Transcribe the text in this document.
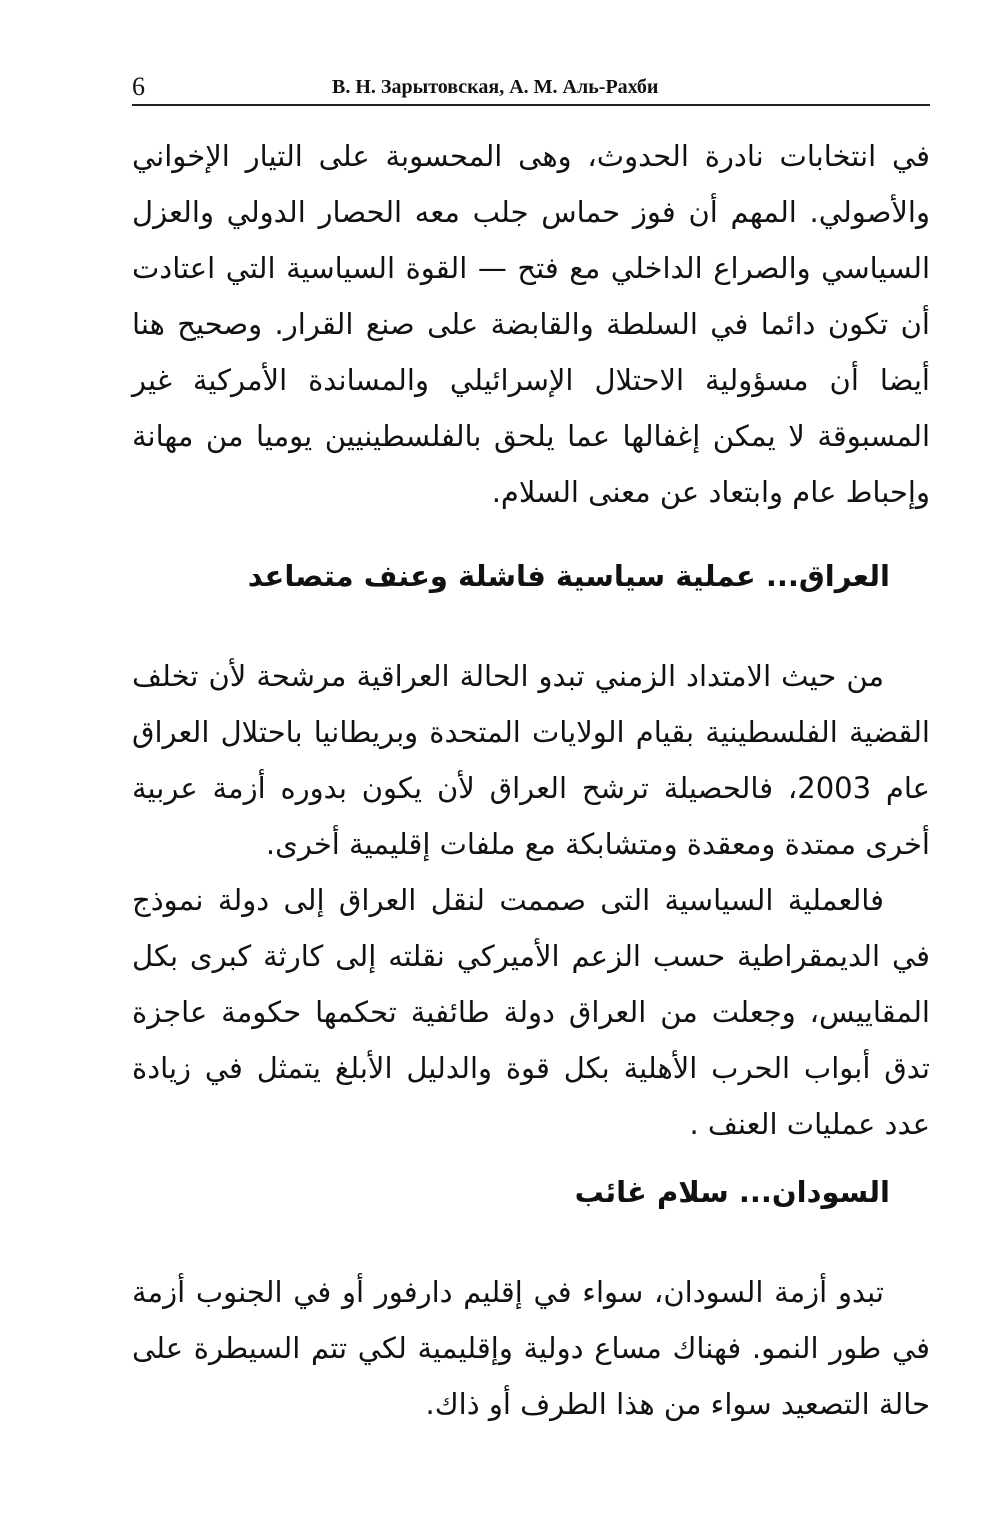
6	В. Н. Зарытовская, А. М. Аль-Рахби

في انتخابات نادرة الحدوث، وهى المحسوبة على التيار الإخواني والأصولي. المهم أن فوز حماس جلب معه الحصار الدولي والعزل السياسي والصراع الداخلي مع فتح — القوة السياسية التي اعتادت أن تكون دائما في السلطة والقابضة على صنع القرار. وصحيح هنا أيضا أن مسؤولية الاحتلال الإسرائيلي والمساندة الأمركية غير المسبوقة لا يمكن إغفالها عما يلحق بالفلسطينيين يوميا من مهانة وإحباط عام وابتعاد عن معنى السلام.

العراق... عملية سياسية فاشلة وعنف متصاعد

من حيث الامتداد الزمني تبدو الحالة العراقية مرشحة لأن تخلف القضية الفلسطينية بقيام الولايات المتحدة وبريطانيا باحتلال العراق عام 2003، فالحصيلة ترشح العراق لأن يكون بدوره أزمة عربية أخرى ممتدة ومعقدة ومتشابكة مع ملفات إقليمية أخرى.

فالعملية السياسية التى صممت لنقل العراق إلى دولة نموذج في الديمقراطية حسب الزعم الأميركي نقلته إلى كارثة كبرى بكل المقاييس، وجعلت من العراق دولة طائفية تحكمها حكومة عاجزة تدق أبواب الحرب الأهلية بكل قوة والدليل الأبلغ يتمثل في زيادة عدد عمليات العنف .

السودان... سلام غائب

تبدو أزمة السودان، سواء في إقليم دارفور أو في الجنوب أزمة في طور النمو. فهناك مساع دولية وإقليمية لكي تتم السيطرة على حالة التصعيد سواء من هذا الطرف أو ذاك.
